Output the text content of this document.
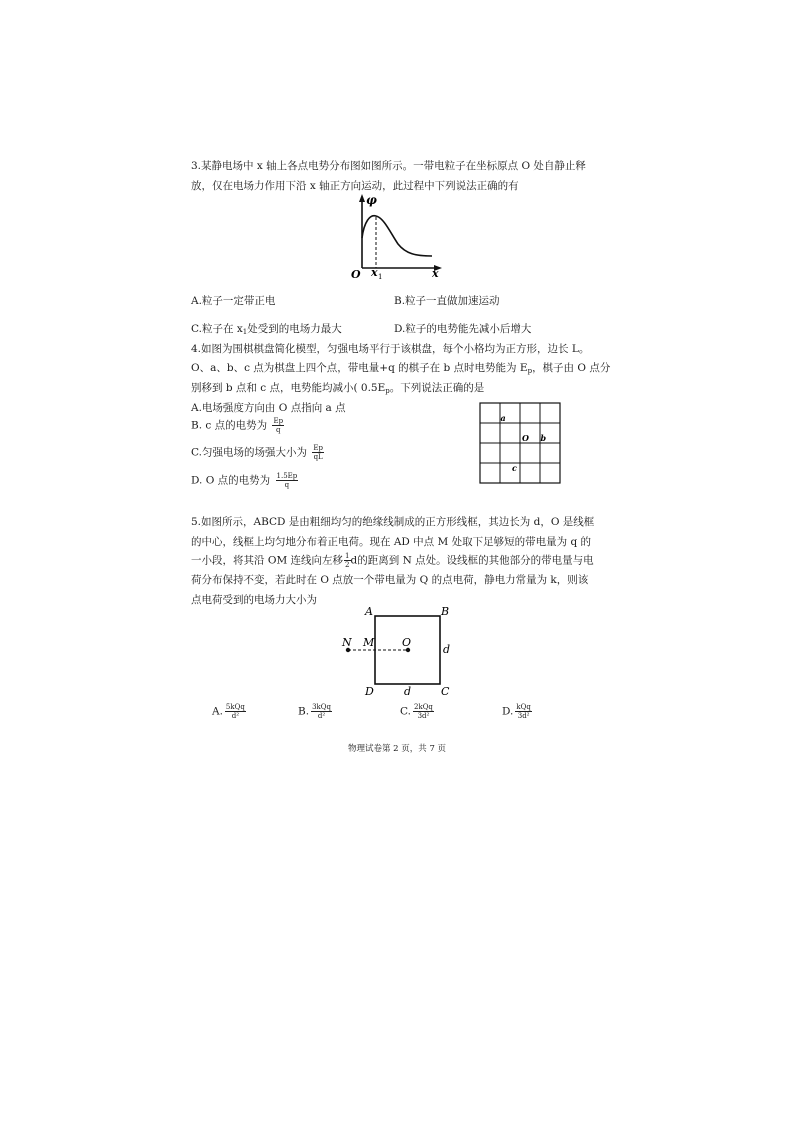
3.某静电场中 x 轴上各点电势分布图如图所示。一带电粒子在坐标原点 O 处自静止释
放，仅在电场力作用下沿 x 轴正方向运动，此过程中下列说法正确的有
φ
O x 1	x
A.粒子一定带正电	B.粒子一直做加速运动
C.粒子在 $x_1$处受到的电场力最大	D.粒子的电势能先减小后增大
4.如图为围棋棋盘简化模型，匀强电场平行于该棋盘，每个小格均为正方形，边长 L。
O、a、b、c 点为棋盘上四个点，带电量+q 的棋子在 b 点时电势能为 $E_p$，棋子由 O 点分
别移到 b 点和 c 点，电势能均减小( $0.5E_p$。下列说法正确的是
A.电场强度方向由 O 点指向 a 点
B. c 点的电势为 $\frac{Ep}{q}$
C.匀强电场的场强大小为 $\frac{Ep}{qL}$
D. O 点的电势为 $\frac{1.5Ep}{q}$
a
O b
c
5.如图所示，ABCD 是由粗细均匀的绝缘线制成的正方形线框，其边长为 d，O 是线框
的中心，线框上均匀地分布着正电荷。现在 AD 中点 M 处取下足够短的带电量为 q 的
一小段，将其沿 OM 连线向左移 $\frac{1}{2}$ d的距离到 N 点处。设线框的其他部分的带电量与电
荷分布保持不变，若此时在 O 点放一个带电量为 Q 的点电荷，静电力常量为 k，则该
点电荷受到的电场力大小为
A	B
C
D
N M	O
d
d
A. $\frac{\text{5kQq}}{\text{d²}}$	B. $\frac{\text{3kQq}}{\text{d²}}$	C. $\frac{\text{2kQq}}{\text{3d²}}$	D. $\frac{\text{kQq}}{\text{3d²}}$
物理试卷第 2 页，共 7 页
